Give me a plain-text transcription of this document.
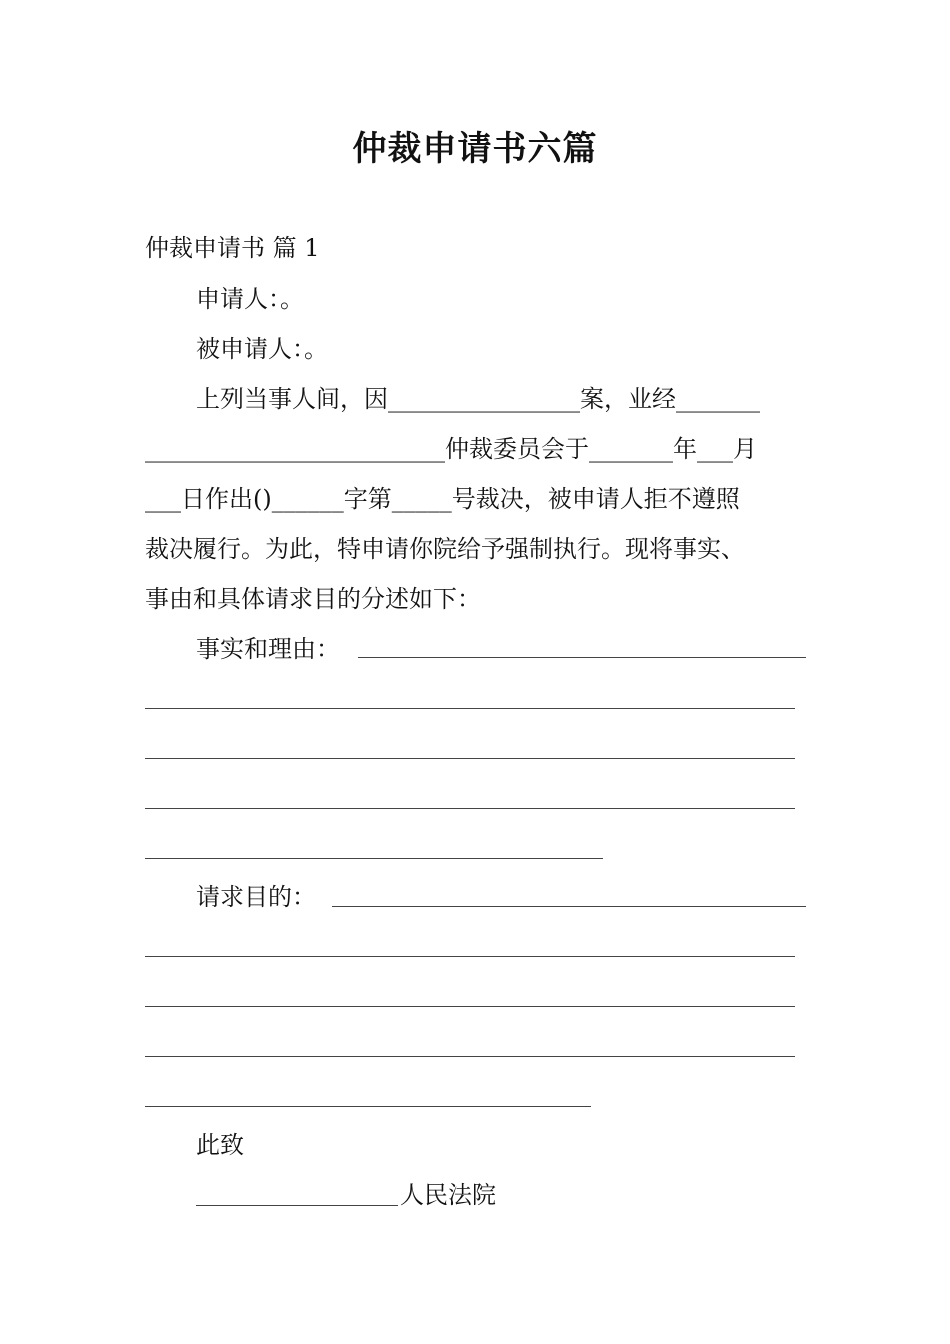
仲裁申请书六篇
仲裁申请书 篇 1
申请人：。
被申请人：。
上列当事人间，因________________案，业经_______
_________________________仲裁委员会于_______年___月
___日作出()______字第_____号裁决，被申请人拒不遵照
裁决履行。为此，特申请你院给予强制执行。现将事实、
事由和具体请求目的分述如下：
事实和理由：
请求目的：
此致
人民法院
